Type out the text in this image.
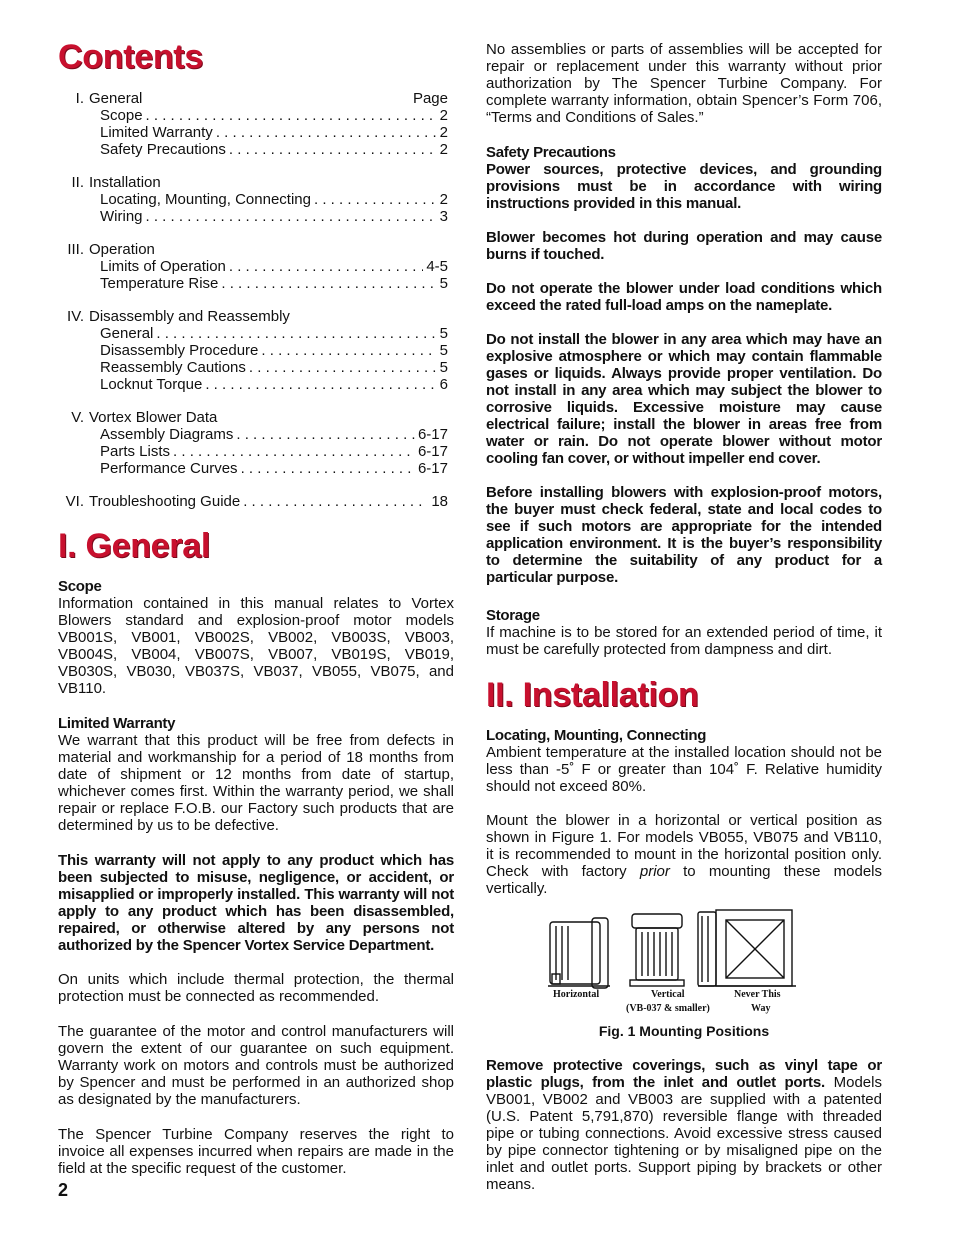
Contents
I. General	Page
Scope . . .	2
Limited Warranty . . .	2
Safety Precautions . . .	2
II. Installation
Locating, Mounting, Connecting . . .	2
Wiring . . .	3
III. Operation
Limits of Operation . . .	4-5
Temperature Rise . . .	5
IV. Disassembly and Reassembly
General . . .	5
Disassembly Procedure . . .	5
Reassembly Cautions . . .	5
Locknut Torque . . .	6
V. Vortex Blower Data
Assembly Diagrams . . .	6-17
Parts Lists . . .	6-17
Performance Curves . . .	6-17
VI. Troubleshooting Guide . . .	18
I. General

Scope

Information contained in this manual relates to Vortex Blowers standard and explosion-proof motor models VB001S, VB001, VB002S, VB002, VB003S, VB003, VB004S, VB004, VB007S, VB007, VB019S, VB019, VB030S, VB030, VB037S, VB037, VB055, VB075, and VB110.

Limited Warranty

We warrant that this product will be free from defects in material and workmanship for a period of 18 months from date of shipment or 12 months from date of startup, whichever comes first. Within the warranty period, we shall repair or replace F.O.B. our Factory such products that are determined by us to be defective.

This warranty will not apply to any product which has been subjected to misuse, negligence, or accident, or misapplied or improperly installed. This warranty will not apply to any product which has been disassembled, repaired, or otherwise altered by any persons not authorized by the Spencer Vortex Service Department.
On units which include thermal protection, the thermal protection must be connected as recommended.
The guarantee of the motor and control manufacturers will govern the extent of our guarantee on such equipment. Warranty work on motors and controls must be authorized by Spencer and must be performed in an authorized shop as designated by the manufacturers.
The Spencer Turbine Company reserves the right to invoice all expenses incurred when repairs are made in the field at the specific request of the customer.
2
No assemblies or parts of assemblies will be accepted for repair or replacement under this warranty without prior authorization by The Spencer Turbine Company. For complete warranty information, obtain Spencer’s Form 706, “Terms and Conditions of Sales.”

Safety Precautions

Power sources, protective devices, and grounding provisions must be in accordance with wiring instructions provided in this manual.

Blower becomes hot during operation and may cause burns if touched.

Do not operate the blower under load conditions which exceed the rated full-load amps on the nameplate.

Do not install the blower in any area which may have an explosive atmosphere or which may contain flammable gases or liquids. Always provide proper ventilation. Do not install in any area which may subject the blower to corrosive liquids. Excessive moisture may cause electrical failure; install the blower in areas free from water or rain. Do not operate blower without motor cooling fan cover, or without impeller end cover.

Before installing blowers with explosion-proof motors, the buyer must check federal, state and local codes to see if such motors are appropriate for the intended application environment. It is the buyer’s responsibility to determine the suitability of any product for a particular purpose.

Storage

If machine is to be stored for an extended period of time, it must be carefully protected from dampness and dirt.

II. Installation

Locating, Mounting, Connecting

Ambient temperature at the installed location should not be less than -5˚ F or greater than 104˚ F. Relative humidity should not exceed 80%.

Mount the blower in a horizontal or vertical position as shown in Figure 1. For models VB055, VB075 and VB110, it is recommended to mount in the horizontal position only. Check with factory prior to mounting these models vertically.

Horizontal	Vertical
(VB-037 & smaller)
Never This
Way
Fig. 1 Mounting Positions
Remove protective coverings, such as vinyl tape or plastic plugs, from the inlet and outlet ports. Models VB001, VB002 and VB003 are supplied with a patented (U.S. Patent 5,791,870) reversible flange with threaded pipe or tubing connections. Avoid excessive stress caused by pipe connector tightening or by misaligned pipe on the inlet and outlet ports. Support piping by brackets or other means.
